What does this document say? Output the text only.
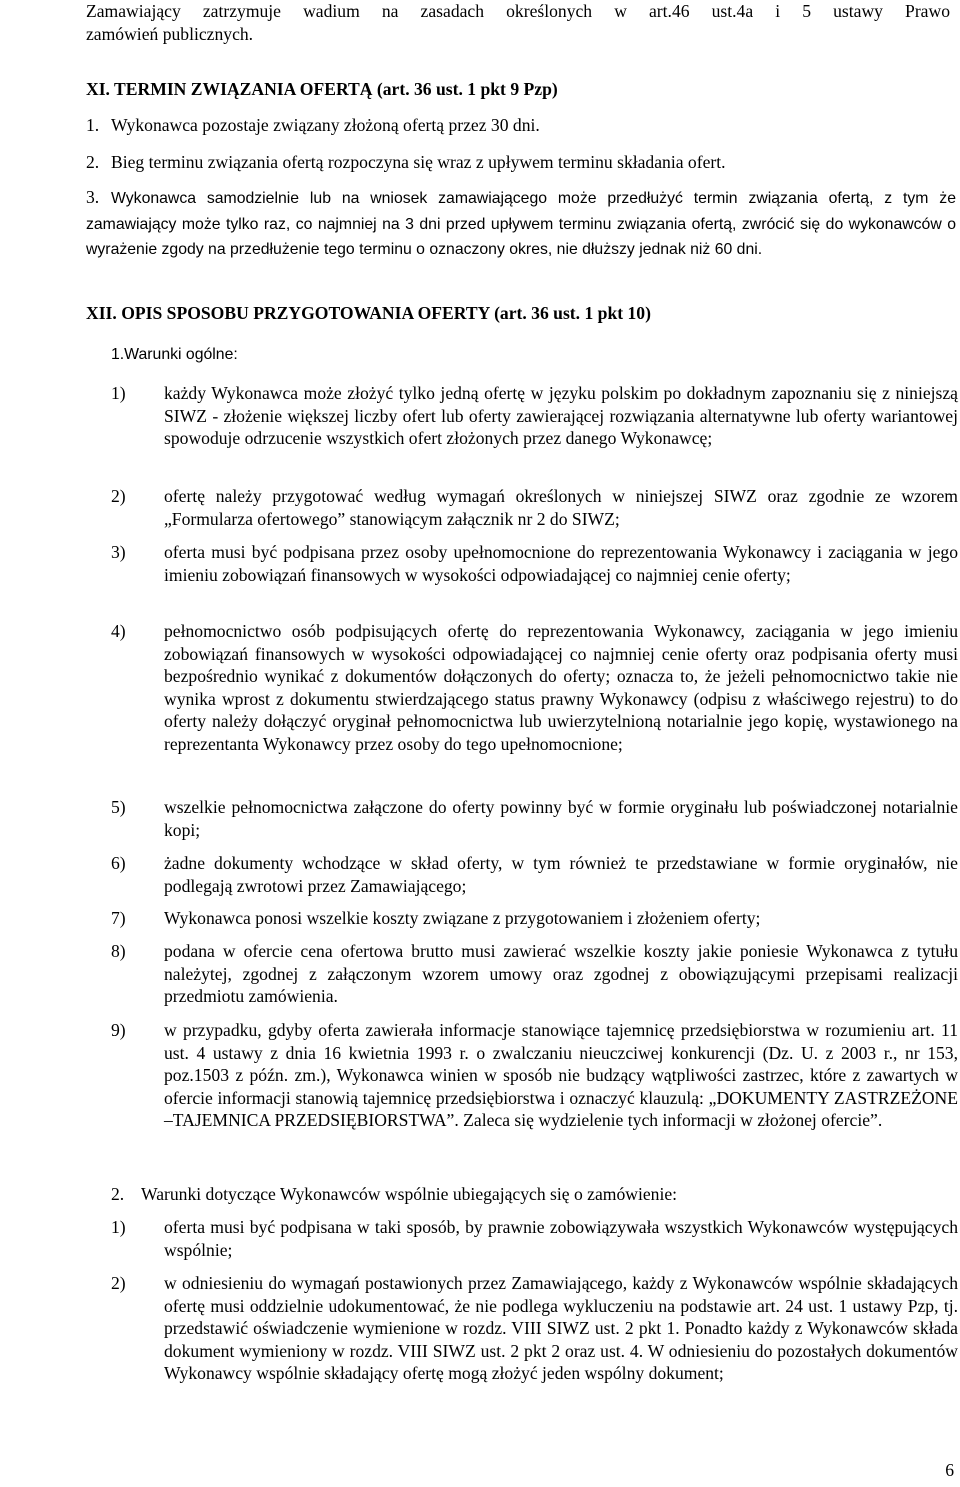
Zamawiający zatrzymuje wadium na zasadach określonych w art.46 ust.4a i 5 ustawy Prawo
zamówień publicznych.
XI. TERMIN ZWIĄZANIA OFERTĄ (art. 36 ust. 1 pkt 9 Pzp)
1. Wykonawca pozostaje związany złożoną ofertą przez 30 dni.
2. Bieg terminu związania ofertą rozpoczyna się wraz z upływem terminu składania ofert.
3. Wykonawca samodzielnie lub na wniosek zamawiającego może przedłużyć termin związania ofertą, z tym że zamawiający może tylko raz, co najmniej na 3 dni przed upływem terminu związania ofertą, zwrócić się do wykonawców o wyrażenie zgody na przedłużenie tego terminu o oznaczony okres, nie dłuższy jednak niż 60 dni.
XII. OPIS SPOSOBU PRZYGOTOWANIA OFERTY (art. 36 ust. 1 pkt 10)
1.Warunki ogólne:
1) każdy Wykonawca może złożyć tylko jedną ofertę w języku polskim po dokładnym zapoznaniu się z niniejszą SIWZ - złożenie większej liczby ofert lub oferty zawierającej rozwiązania alternatywne lub oferty wariantowej spowoduje odrzucenie wszystkich ofert złożonych przez danego Wykonawcę;
2) ofertę należy przygotować według wymagań określonych w niniejszej SIWZ oraz zgodnie ze wzorem „Formularza ofertowego” stanowiącym załącznik nr 2 do SIWZ;
3) oferta musi być podpisana przez osoby upełnomocnione do reprezentowania Wykonawcy i zaciągania w jego imieniu zobowiązań finansowych w wysokości odpowiadającej co najmniej cenie oferty;
4) pełnomocnictwo osób podpisujących ofertę do reprezentowania Wykonawcy, zaciągania w jego imieniu zobowiązań finansowych w wysokości odpowiadającej co najmniej cenie oferty oraz podpisania oferty musi bezpośrednio wynikać z dokumentów dołączonych do oferty; oznacza to, że jeżeli pełnomocnictwo takie nie wynika wprost z dokumentu stwierdzającego status prawny Wykonawcy (odpisu z właściwego rejestru) to do oferty należy dołączyć oryginał pełnomocnictwa lub uwierzytelnioną notarialnie jego kopię, wystawionego na reprezentanta Wykonawcy przez osoby do tego upełnomocnione;
5) wszelkie pełnomocnictwa załączone do oferty powinny być w formie oryginału lub poświadczonej notarialnie kopi;
6) żadne dokumenty wchodzące w skład oferty, w tym również te przedstawiane w formie oryginałów, nie podlegają zwrotowi przez Zamawiającego;
7) Wykonawca ponosi wszelkie koszty związane z przygotowaniem i złożeniem oferty;
8) podana w ofercie cena ofertowa brutto musi zawierać wszelkie koszty jakie poniesie Wykonawca z tytułu należytej, zgodnej z załączonym wzorem umowy oraz zgodnej z obowiązującymi przepisami realizacji przedmiotu zamówienia.
9) w przypadku, gdyby oferta zawierała informacje stanowiące tajemnicę przedsiębiorstwa w rozumieniu art. 11 ust. 4 ustawy z dnia 16 kwietnia 1993 r. o zwalczaniu nieuczciwej konkurencji (Dz. U. z 2003 r., nr 153, poz.1503 z późn. zm.), Wykonawca winien w sposób nie budzący wątpliwości zastrzec, które z zawartych w ofercie informacji stanowią tajemnicę przedsiębiorstwa i oznaczyć klauzulą: „DOKUMENTY ZASTRZEŻONE –TAJEMNICA PRZEDSIĘBIORSTWA”. Zaleca się wydzielenie tych informacji w złożonej ofercie”.
2. Warunki dotyczące Wykonawców wspólnie ubiegających się o zamówienie:
1) oferta musi być podpisana w taki sposób, by prawnie zobowiązywała wszystkich Wykonawców występujących wspólnie;
2) w odniesieniu do wymagań postawionych przez Zamawiającego, każdy z Wykonawców wspólnie składających ofertę musi oddzielnie udokumentować, że nie podlega wykluczeniu na podstawie art. 24 ust. 1 ustawy Pzp, tj. przedstawić oświadczenie wymienione w rozdz. VIII SIWZ ust. 2 pkt 1. Ponadto każdy z Wykonawców składa dokument wymieniony w rozdz. VIII SIWZ ust. 2 pkt 2 oraz ust. 4. W odniesieniu do pozostałych dokumentów Wykonawcy wspólnie składający ofertę mogą złożyć jeden wspólny dokument;
6
